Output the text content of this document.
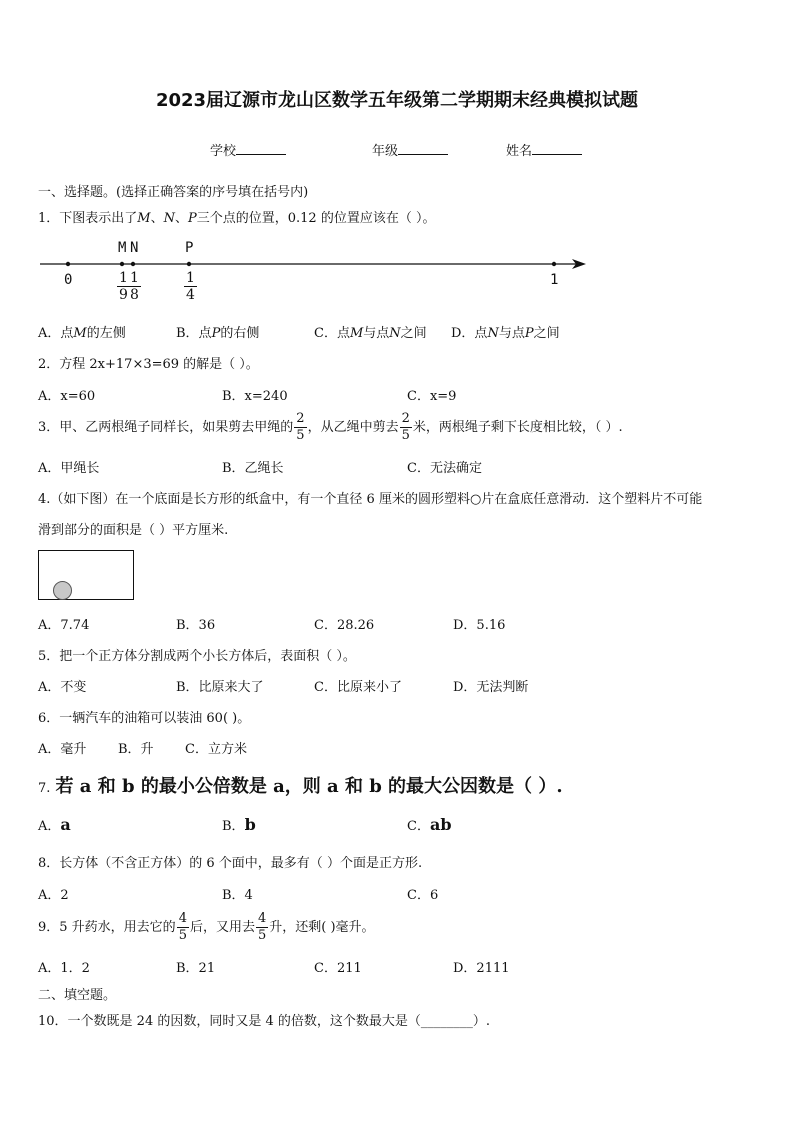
2023届辽源市龙山区数学五年级第二学期期末经典模拟试题
学校	年级	姓名
一、选择题。(选择正确答案的序号填在括号内)
1．下图表示出了M、N、P三个点的位置，0.12 的位置应该在（ ）。
M N	P
0	1
$\frac{1}{9}$
$\frac{1}{8}$	$\frac{1}{4}$
A．点M的左侧	B．点P的右侧	C．点M与点N之间 D．点N与点P之间
2．方程 2x+17×3=69 的解是（ ）。
A．x=60	B．x=240	C．x=9
3．甲、乙两根绳子同样长，如果剪去甲绳的 $\frac{2}{5}$ ，从乙绳中剪去 $\frac{2}{5}$ 米，两根绳子剩下长度相比较，（ ）.
A．甲绳长	B．乙绳长	C．无法确定
4.（如下图）在一个底面是长方形的纸盒中，有一个直径 6 厘米的圆形塑料○片在盒底任意滑动．这个塑料片不可能
滑到部分的面积是（ ）平方厘米.
A．7.74	B．36	C．28.26	D．5.16
5．把一个正方体分割成两个小长方体后，表面积（ ）。
A．不变	B．比原来大了	C．比原来小了	D．无法判断
6．一辆汽车的油箱可以装油 60( )。
A．毫升 B．升 C．立方米
7. 若 a 和 b 的最小公倍数是 a，则 a 和 b 的最大公因数是（ ）.
A．a	B．b	C．ab
8．长方体（不含正方体）的 6 个面中，最多有（ ）个面是正方形.
A．2	B．4	C．6
9．5 升药水，用去它的 $\frac{4}{5}$ 后，又用去 $\frac{4}{5}$ 升，还剩( )毫升。
A．1．2	B．21	C．211	D．2111
二、填空题。
10．一个数既是 24 的因数，同时又是 4 的倍数，这个数最大是（________）.
